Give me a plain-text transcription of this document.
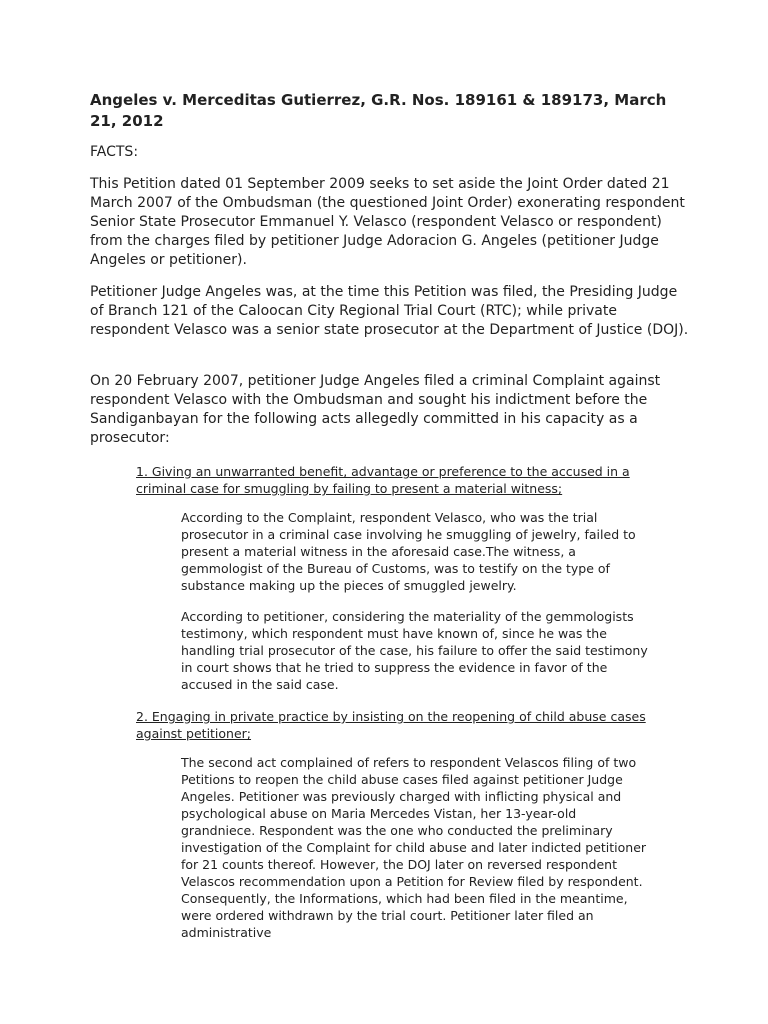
Angeles v. Merceditas Gutierrez, G.R. Nos. 189161 & 189173, March 21, 2012

FACTS:

This Petition dated 01 September 2009 seeks to set aside the Joint Order dated 21 March 2007 of the Ombudsman (the questioned Joint Order) exonerating respondent Senior State Prosecutor Emmanuel Y. Velasco (respondent Velasco or respondent) from the charges filed by petitioner Judge Adoracion G. Angeles (petitioner Judge Angeles or petitioner).

Petitioner Judge Angeles was, at the time this Petition was filed, the Presiding Judge of Branch 121 of the Caloocan City Regional Trial Court (RTC); while private respondent Velasco was a senior state prosecutor at the Department of Justice (DOJ).

On 20 February 2007, petitioner Judge Angeles filed a criminal Complaint against respondent Velasco with the Ombudsman and sought his indictment before the Sandiganbayan for the following acts allegedly committed in his capacity as a prosecutor:

1. Giving an unwarranted benefit, advantage or preference to the accused in a criminal case for smuggling by failing to present a material witness;

According to the Complaint, respondent Velasco, who was the trial prosecutor in a criminal case involving he smuggling of jewelry, failed to present a material witness in the aforesaid case.The witness, a gemmologist of the Bureau of Customs, was to testify on the type of substance making up the pieces of smuggled jewelry.

According to petitioner, considering the materiality of the gemmologists testimony, which respondent must have known of, since he was the handling trial prosecutor of the case, his failure to offer the said testimony in court shows that he tried to suppress the evidence in favor of the accused in the said case.

2. Engaging in private practice by insisting on the reopening of child abuse cases against petitioner;

The second act complained of refers to respondent Velascos filing of two Petitions to reopen the child abuse cases filed against petitioner Judge Angeles. Petitioner was previously charged with inflicting physical and psychological abuse on Maria Mercedes Vistan, her 13-year-old grandniece. Respondent was the one who conducted the preliminary investigation of the Complaint for child abuse and later indicted petitioner for 21 counts thereof. However, the DOJ later on reversed respondent Velascos recommendation upon a Petition for Review filed by respondent. Consequently, the Informations, which had been filed in the meantime, were ordered withdrawn by the trial court. Petitioner later filed an administrative
